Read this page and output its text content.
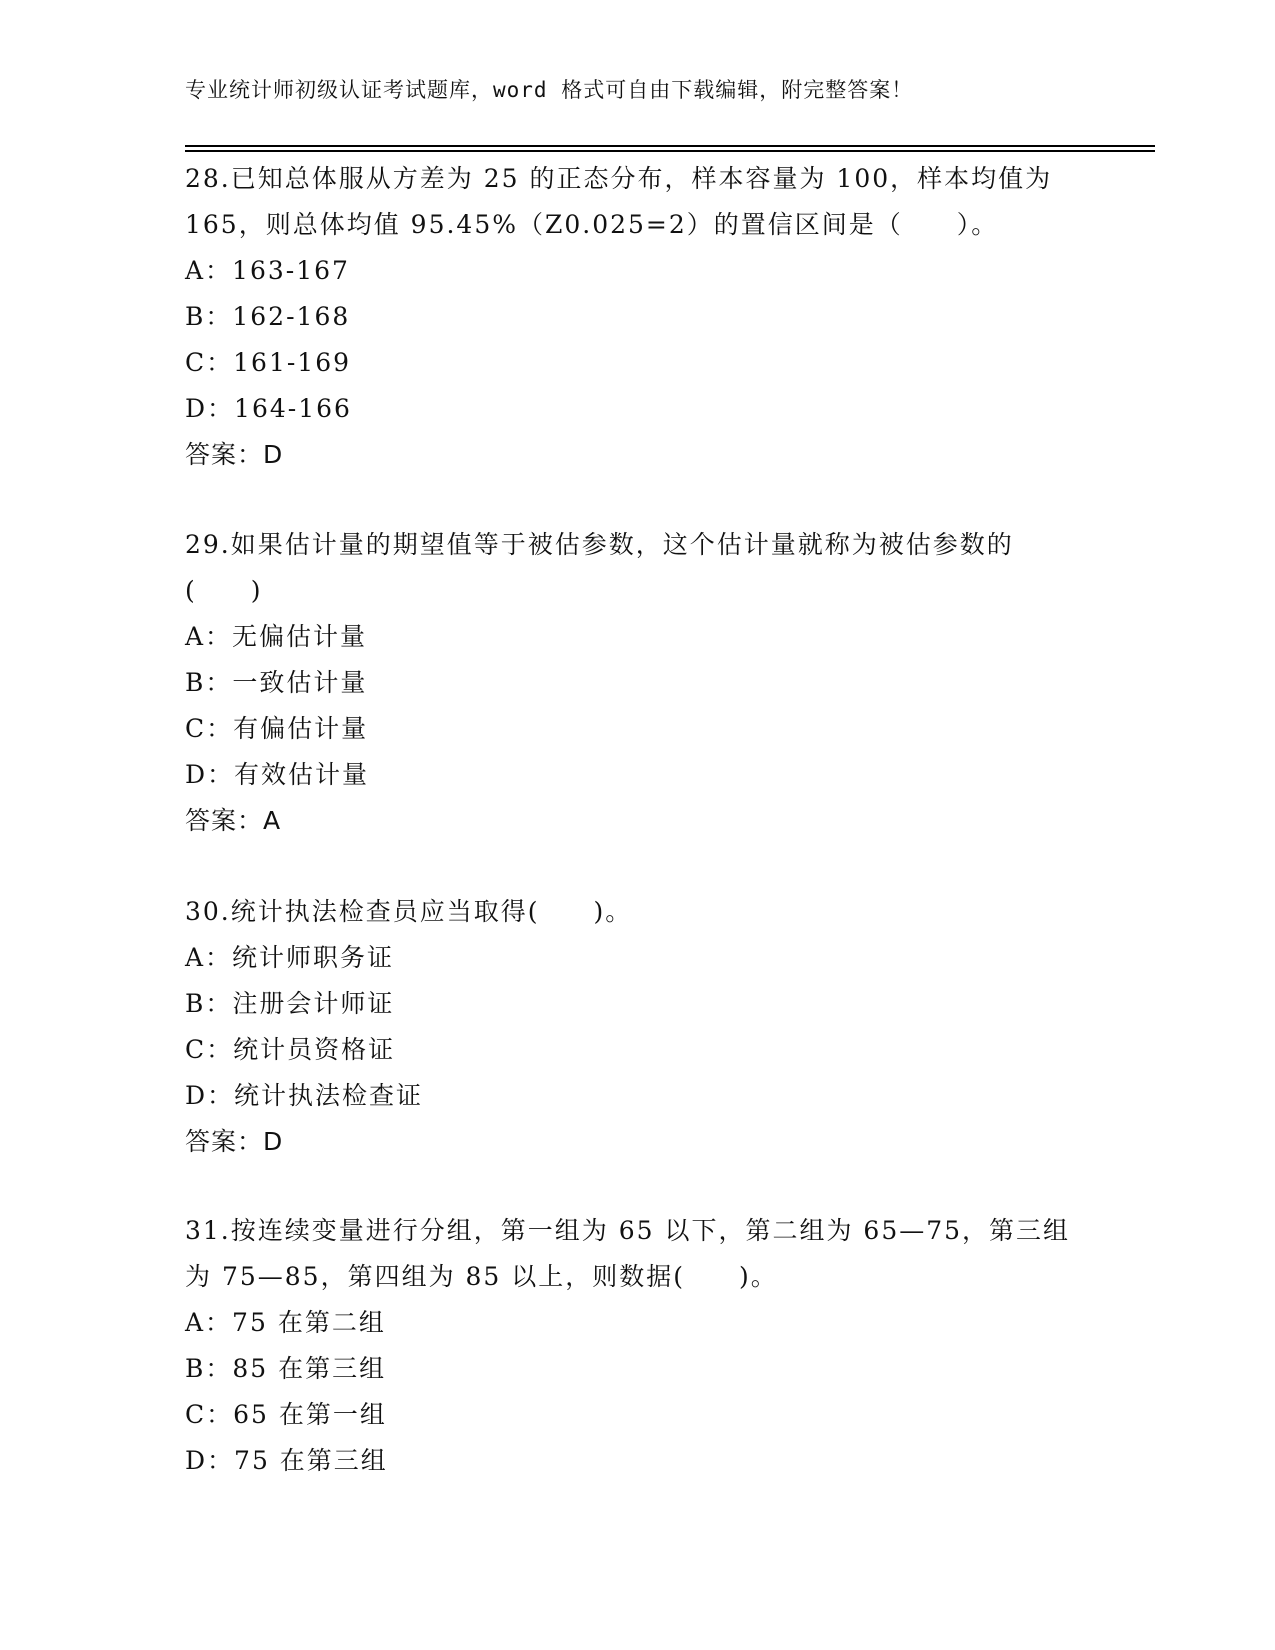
专业统计师初级认证考试题库，word 格式可自由下载编辑，附完整答案！

28.已知总体服从方差为 25 的正态分布，样本容量为 100，样本均值为 165，则总体均值 95.45%（Z0.025=2）的置信区间是（　　）。

A：163-167

B：162-168

C：161-169

D：164-166

答案：D

29.如果估计量的期望值等于被估参数，这个估计量就称为被估参数的(　　)

A：无偏估计量

B：一致估计量

C：有偏估计量

D：有效估计量

答案：A

30.统计执法检查员应当取得(　　)。

A：统计师职务证

B：注册会计师证

C：统计员资格证

D：统计执法检查证

答案：D

31.按连续变量进行分组，第一组为 65 以下，第二组为 65—75，第三组为 75—85，第四组为 85 以上，则数据(　　)。

A：75 在第二组

B：85 在第三组

C：65 在第一组

D：75 在第三组
